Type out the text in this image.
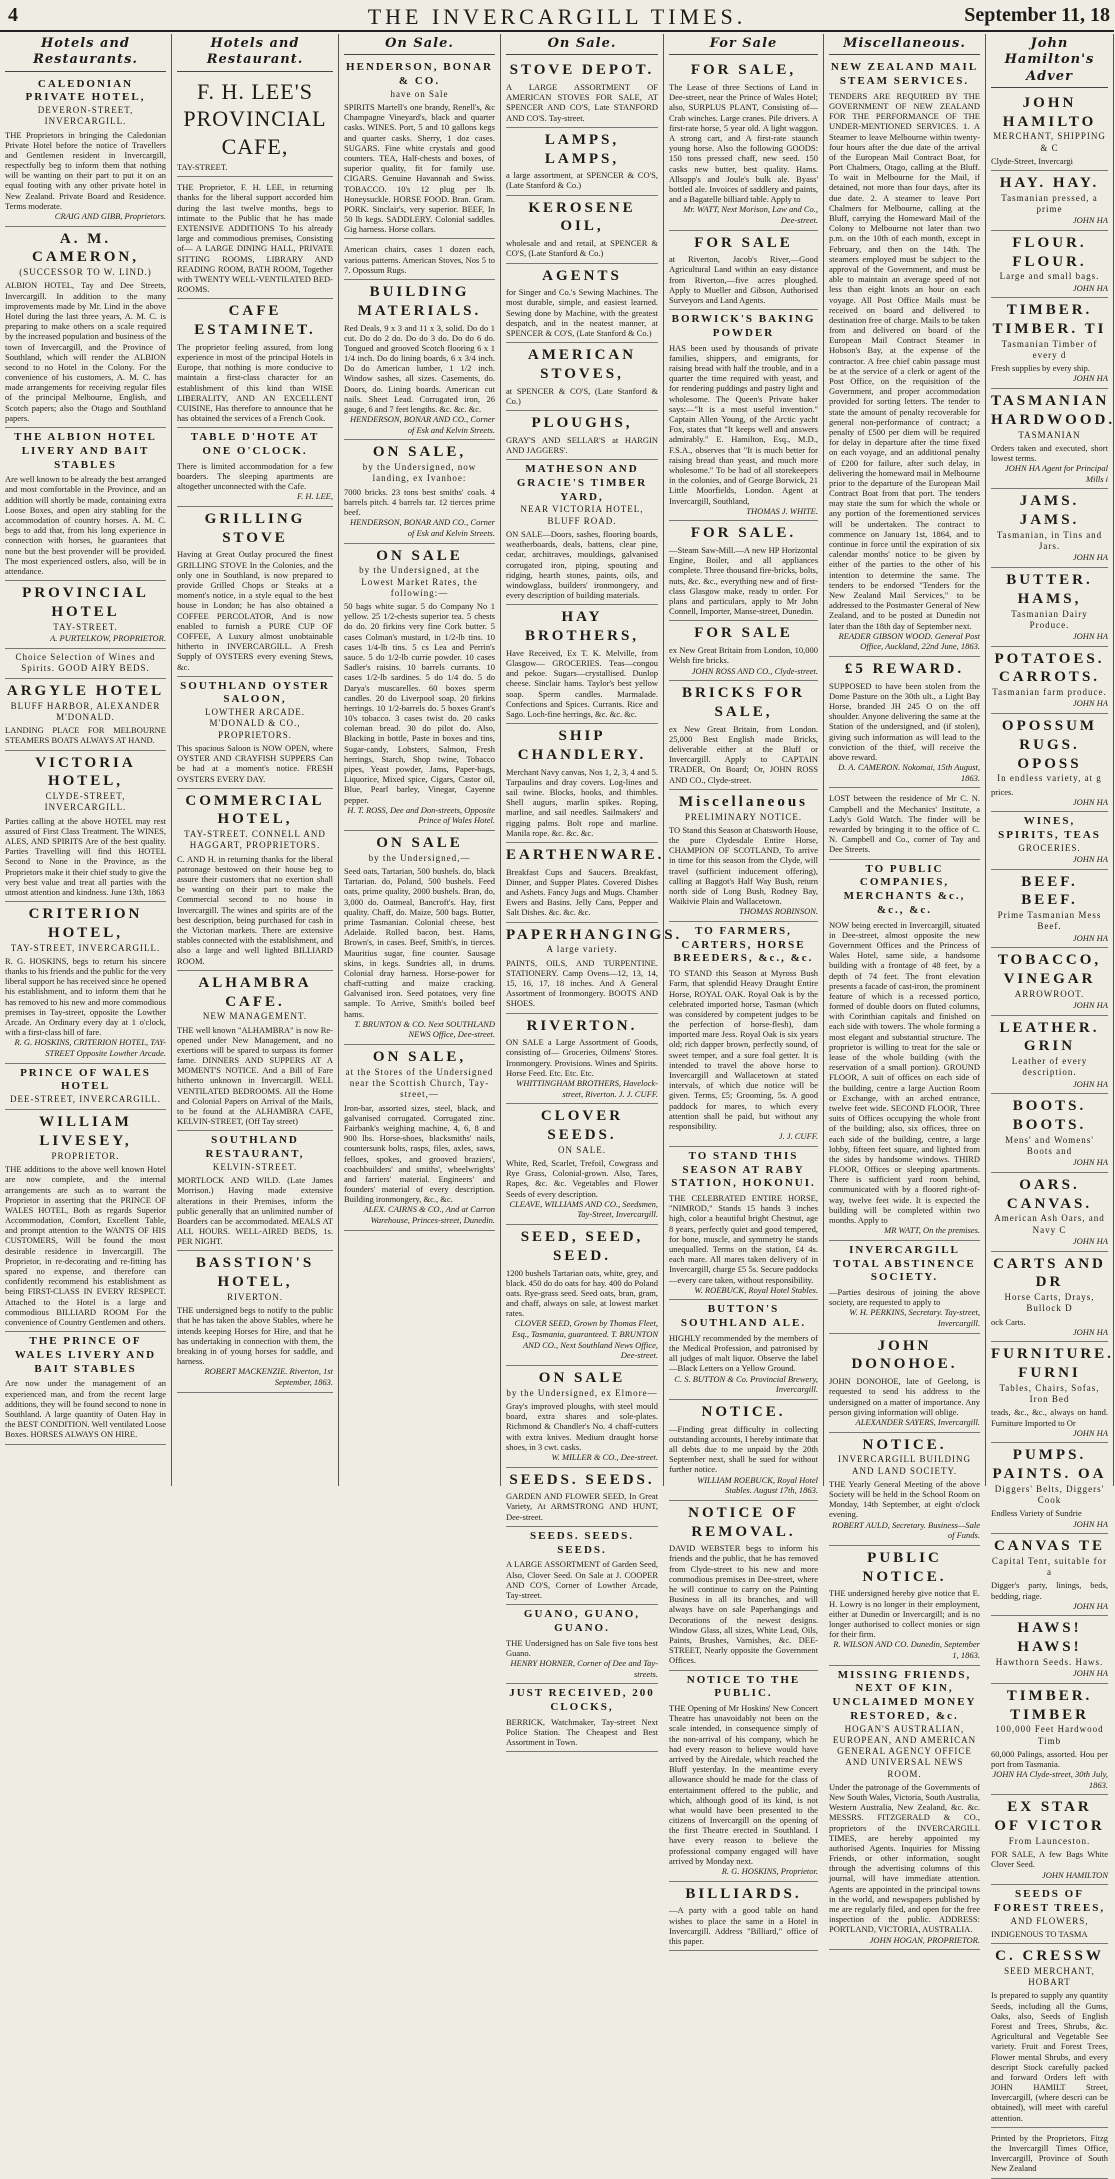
4	THE INVERCARGILL TIMES.	September 11, 18
Hotels and Restaurants.
CALEDONIAN PRIVATE HOTEL,
DEVERON-STREET, INVERCARGILL.
THE Proprietors in bringing the Caledonian Private Hotel before the notice of Travellers and Gentlemen resident in Invercargill, respectfully beg to inform them that nothing will be wanting on their part to put it on an equal footing with any other private hotel in New Zealand. Private Board and Residence. Terms moderate.
CRAIG AND GIBB, Proprietors.
A. M. CAMERON,
(SUCCESSOR TO W. LIND.)
ALBION HOTEL, Tay and Dee Streets, Invercargill. In addition to the many improvements made by Mr. Lind in the above Hotel during the last three years, A. M. C. is preparing to make others on a scale required by the increased population and business of the town of Invercargill, and the Province of Southland, which will render the ALBION second to no Hotel in the Colony. For the convenience of his customers, A. M. C. has made arrangements for receiving regular files of the principal Melbourne, English, and Scotch papers; also the Otago and Southland papers.
THE ALBION HOTEL LIVERY AND BAIT STABLES
Are well known to be already the best arranged and most comfortable in the Province, and an addition will shortly be made, containing extra Loose Boxes, and open airy stabling for the accommodation of country horses. A. M. C. begs to add that, from his long experience in connection with horses, he guarantees that none but the best provender will be provided. The most experienced ostlers, also, will be in attendance.
PROVINCIAL HOTEL
TAY-STREET.
A. PURTELKOW, PROPRIETOR.
Choice Selection of Wines and Spirits. GOOD AIRY BEDS.
ARGYLE HOTEL
BLUFF HARBOR, ALEXANDER M'DONALD.
LANDING PLACE FOR MELBOURNE STEAMERS BOATS ALWAYS AT HAND.
VICTORIA HOTEL,
CLYDE-STREET, INVERCARGILL.
Parties calling at the above HOTEL may rest assured of First Class Treatment. The WINES, ALES, AND SPIRITS Are of the best quality. Parties Travelling will find this HOTEL Second to None in the Province, as the Proprietors make it their chief study to give the very best value and treat all parties with the utmost attention and kindness. June 13th, 1863
CRITERION HOTEL,
TAY-STREET, INVERCARGILL.
R. G. HOSKINS, begs to return his sincere thanks to his friends and the public for the very liberal support he has received since he opened his establishment, and to inform them that he has removed to his new and more commodious premises in Tay-street, opposite the Lowther Arcade. An Ordinary every day at 1 o'clock, with a first-class bill of fare.
R. G. HOSKINS, CRITERION HOTEL, TAY-STREET Opposite Lowther Arcade.
PRINCE OF WALES HOTEL
DEE-STREET, INVERCARGILL.
WILLIAM LIVESEY,
PROPRIETOR.
THE additions to the above well known Hotel are now complete, and the internal arrangements are such as to warrant the Proprietor in asserting that the PRINCE OF WALES HOTEL, Both as regards Superior Accommodation, Comfort, Excellent Table, and prompt attention to the WANTS OF HIS CUSTOMERS, Will be found the most desirable residence in Invercargill. The Proprietor, in re-decorating and re-fitting has spared no expense, and therefore can confidently recommend his establishment as being FIRST-CLASS IN EVERY RESPECT. Attached to the Hotel is a large and commodious BILLIARD ROOM For the convenience of Country Gentlemen and others.
THE PRINCE OF WALES LIVERY AND BAIT STABLES
Are now under the management of an experienced man, and from the recent large additions, they will be found second to none in Southland. A large quantity of Oaten Hay in the BEST CONDITION. Well ventilated Loose Boxes. HORSES ALWAYS ON HIRE.
Hotels and Restaurant.
F. H. LEE'S
PROVINCIAL CAFE,
TAY-STREET.
THE Proprietor, F. H. LEE, in returning thanks for the liberal support accorded him during the last twelve months, begs to intimate to the Public that he has made EXTENSIVE ADDITIONS To his already large and commodious premises, Consisting of— A LARGE DINING HALL, PRIVATE SITTING ROOMS, LIBRARY AND READING ROOM, BATH ROOM, Together with TWENTY WELL-VENTILATED BED-ROOMS.
CAFE ESTAMINET.
The proprietor feeling assured, from long experience in most of the principal Hotels in Europe, that nothing is more conducive to maintain a first-class character for an establishment of this kind than WISE LIBERALITY, AND AN EXCELLENT CUISINE, Has therefore to announce that he has obtained the services of a French Cook.
TABLE D'HOTE AT ONE O'CLOCK.
There is limited accommodation for a few boarders. The sleeping apartments are altogether unconnected with the Cafe.
F. H. LEE,
GRILLING STOVE
Having at Great Outlay procured the finest GRILLING STOVE In the Colonies, and the only one in Southland, is now prepared to provide Grilled Chops or Steaks at a moment's notice, in a style equal to the best house in London; he has also obtained a COFFEE PERCOLATOR, And is now enabled to furnish a PURE CUP OF COFFEE, A Luxury almost unobtainable hitherto in INVERCARGILL. A Fresh Supply of OYSTERS every evening Stews, &c.
SOUTHLAND OYSTER SALOON,
LOWTHER ARCADE. M'DONALD & CO., PROPRIETORS.
This spacious Saloon is NOW OPEN, where OYSTER AND CRAYFISH SUPPERS Can be had at a moment's notice. FRESH OYSTERS EVERY DAY.
COMMERCIAL HOTEL,
TAY-STREET. CONNELL AND HAGGART, PROPRIETORS.
C. AND H. in returning thanks for the liberal patronage bestowed on their house beg to assure their customers that no exertion shall be wanting on their part to make the Commercial second to no house in Invercargill. The wines and spirits are of the best description, being purchased for cash in the Victorian markets. There are extensive stables connected with the establishment, and also a large and well lighted BILLIARD ROOM.
ALHAMBRA CAFE.
NEW MANAGEMENT.
THE well known "ALHAMBRA" is now Re-opened under New Management, and no exertions will be spared to surpass its former fame. DINNERS AND SUPPERS AT A MOMENT'S NOTICE. And a Bill of Fare hitherto unknown in Invercargill. WELL VENTILATED BEDROOMS. All the Home and Colonial Papers on Arrival of the Mails, to be found at the ALHAMBRA CAFE, KELVIN-STREET, (Off Tay street)
SOUTHLAND RESTAURANT,
KELVIN-STREET.
MORTLOCK AND WILD. (Late James Morrison.) Having made extensive alterations in their Premises, inform the public generally that an unlimited number of Boarders can be accommodated. MEALS AT ALL HOURS. WELL-AIRED BEDS, 1s. PER NIGHT.
BASSTION'S HOTEL,
RIVERTON.
THE undersigned begs to notify to the public that he has taken the above Stables, where he intends keeping Horses for Hire, and that he has undertaking in connection with them, the breaking in of young horses for saddle, and harness.
ROBERT MACKENZIE. Riverton, 1st September, 1863.
On Sale.
HENDERSON, BONAR & CO.
have on Sale
SPIRITS Martell's one brandy, Renell's, &c Champagne Vineyard's, black and quarter casks. WINES. Port, 5 and 10 gallons kegs and quarter casks. Sherry, 1 doz cases. SUGARS. Fine white crystals and good counters. TEA, Half-chests and boxes, of superior quality, fit for family use. CIGARS. Genuine Havannah and Swiss. TOBACCO. 10's 12 plug per lb. Honeysuckle. HORSE FOOD. Bran. Gram. PORK. Sinclair's, very superior. BEEF, In 50 lb kegs. SADDLERY. Colonial saddles. Gig harness. Horse collars.
American chairs, cases 1 dozen each, various patterns. American Stoves, Nos 5 to 7. Opossum Rugs.
BUILDING MATERIALS.
Red Deals, 9 x 3 and 11 x 3, solid. Do do 1 cut. Do do 2 do. Do do 3 do. Do do 6 do. Tongued and grooved Scotch flooring 6 x 1 1/4 inch. Do do lining boards, 6 x 3/4 inch. Do do American lumber, 1 1/2 inch. Window sashes, all sizes. Casements, do. Doors, do. Lining boards. American cut nails. Sheet Lead. Corrugated iron, 26 gauge, 6 and 7 feet lengths. &c. &c. &c.
HENDERSON, BONAR AND CO., Corner of Esk and Kelvin Streets.
ON SALE,
by the Undersigned, now landing, ex Ivanhoe:
7000 bricks. 23 tons best smiths' coals. 4 barrels pitch. 4 barrels tar. 12 tierces prime beef.
HENDERSON, BONAR AND CO., Corner of Esk and Kelvin Streets.
ON SALE
by the Undersigned, at the Lowest Market Rates, the following:—
50 bags white sugar. 5 do Company No 1 yellow. 25 1/2-chests superior tea. 5 chests do do. 20 firkins very fine Cork butter. 5 cases Colman's mustard, in 1/2-lb tins. 10 cases 1/4-lb tins. 5 cs Lea and Perrin's sauce. 5 do 1/2-lb currie powder. 10 cases Sadler's raisins. 10 barrels currants. 10 cases 1/2-lb sardines. 5 do 1/4 do. 5 do Darya's muscarelles. 60 boxes sperm candles. 20 do Liverpool soap. 20 firkins herrings. 10 1/2-barrels do. 5 boxes Grant's 10's tobacco. 3 cases twist do. 20 casks coleman bread. 30 do pilot do. Also, Blacking in bottle, Paste in boxes and tins, Sugar-candy, Lobsters, Salmon, Fresh herrings, Starch, Shop twine, Tobacco pipes, Yeast powder, Jams, Paper-bags, Liquorice, Mixed spice, Cigars, Castor oil, Blue, Pearl barley, Vinegar, Cayenne pepper.
H. T. ROSS, Dee and Don-streets, Opposite Prince of Wales Hotel.
ON SALE
by the Undersigned,—
Seed oats, Tartarian, 500 bushels. do, black Tartarian. do, Poland, 500 bushels. Feed oats, prime quality, 2000 bushels. Bran, do, 3,000 do. Oatmeal, Bancroft's. Hay, first quality. Chaff, do. Maize, 500 bags. Butter, prime Tasmanian. Colonial cheese, best Adelaide. Rolled bacon, best. Hams, Brown's, in cases. Beef, Smith's, in tierces. Mauritius sugar, fine counter. Sausage skins, in kegs. Sundries all, in drums. Colonial dray harness. Horse-power for chaff-cutting and maize cracking. Galvanised iron. Seed potatoes, very fine sample. To Arrive, Smith's boiled beef hams.
T. BRUNTON & CO. Next SOUTHLAND NEWS Office, Dee-street.
ON SALE,
at the Stores of the Undersigned near the Scottish Church, Tay-street,—
Iron-bar, assorted sizes, steel, black, and galvanised corrugated. Corrugated zinc. Fairbank's weighing machine, 4, 6, 8 and 900 lbs. Horse-shoes, blacksmiths' nails, countersunk bolts, rasps, files, axles, saws, felloes, spokes, and grooved braziers', coachbuilders' and smiths', wheelwrights' and farriers' material. Engineers' and founders' material of every description. Building ironmongery, &c., &c.
ALEX. CAIRNS & CO., And at Carron Warehouse, Princes-street, Dunedin.
On Sale.
STOVE DEPOT.
A LARGE ASSORTMENT OF AMERICAN STOVES FOR SALE, AT SPENCER AND CO'S, Late STANFORD AND CO'S. Tay-street.
LAMPS, LAMPS,
a large assortment, at SPENCER & CO'S, (Late Stanford & Co.)
KEROSENE OIL,
wholesale and and retail, at SPENCER & CO'S, (Late Stanford & Co.)
AGENTS
for Singer and Co.'s Sewing Machines. The most durable, simple, and easiest learned. Sewing done by Machine, with the greatest despatch, and in the neatest manner, at SPENCER & CO'S, (Late Stanford & Co.)
AMERICAN STOVES,
at SPENCER & CO'S, (Late Stanford & Co.)
PLOUGHS,
GRAY'S AND SELLAR'S at HARGIN AND JAGGERS'.
MATHESON AND GRACIE'S TIMBER YARD,
NEAR VICTORIA HOTEL, BLUFF ROAD.
ON SALE—Doors, sashes, flooring boards, weatherboards, deals, battens, clear pine, cedar, architraves, mouldings, galvanised corrugated iron, piping, spouting and ridging, hearth stones, paints, oils, and windowglass, builders' ironmongery, and every description of building materials.
HAY BROTHERS,
Have Received, Ex T. K. Melville, from Glasgow— GROCERIES. Teas—congou and pekoe. Sugars—crystallised. Dunlop cheese. Sinclair hams. Taylor's best yellow soap. Sperm candles. Marmalade. Confections and Spices. Currants. Rice and Sago. Loch-fine herrings, &c. &c. &c.
SHIP CHANDLERY.
Merchant Navy canvas, Nos 1, 2, 3, 4 and 5. Tarpaulins and dray covers. Log-lines and sail twine. Blocks, hooks, and thimbles. Shell augurs, marlin spikes. Roping, marline, and sail needles. Sailmakers' and rigging palms. Bolt rope and marline. Manila rope. &c. &c. &c.
EARTHENWARE.
Breakfast Cups and Saucers. Breakfast, Dinner, and Supper Plates. Covered Dishes and Ashets. Fancy Jugs and Mugs. Chamber Ewers and Basins. Jelly Cans, Pepper and Salt Dishes. &c. &c. &c.
PAPERHANGINGS.
A large variety.
PAINTS, OILS, AND TURPENTINE. STATIONERY. Camp Ovens—12, 13, 14, 15, 16, 17, 18 inches. And A General Assortment of Ironmongery. BOOTS AND SHOES.
RIVERTON.
ON SALE a Large Assortment of Goods, consisting of— Groceries, Oilmens' Stores. Ironmongery. Provisions. Wines and Spirits. Horse Feed. Etc. Etc. Etc.
WHITTINGHAM BROTHERS, Havelock-street, Riverton. J. J. CUFF.
CLOVER SEEDS.
ON SALE.
White, Red, Scarlet, Trefoil, Cowgrass and Rye Grass, Colonial-grown. Also, Tares, Rapes, &c. &c. Vegetables and Flower Seeds of every description.
CLEAVE, WILLIAMS AND CO., Seedsmen, Tay-Street, Invercargill.
SEED, SEED, SEED.
1200 bushels Tartarian oats, white, grey, and black. 450 do do oats for hay. 400 do Poland oats. Rye-grass seed. Seed oats, bran, gram, and chaff, always on sale, at lowest market rates.
CLOVER SEED, Grown by Thomas Fleet, Esq., Tasmania, guaranteed. T. BRUNTON AND CO., Next Southland News Office, Dee-street.
ON SALE
by the Undersigned, ex Elmore—
Gray's improved ploughs, with steel mould board, extra shares and sole-plates. Richmond & Chandler's No. 4 chaff-cutters with extra knives. Medium draught horse shoes, in 3 cwt. casks.
W. MILLER & CO., Dee-street.
SEEDS. SEEDS.
GARDEN AND FLOWER SEED, In Great Variety, At ARMSTRONG AND HUNT, Dee-street.
SEEDS. SEEDS. SEEDS.
A LARGE ASSORTMENT of Garden Seed, Also, Clover Seed. On Sale at J. COOPER AND CO'S, Corner of Lowther Arcade, Tay-street.
GUANO, GUANO, GUANO.
THE Undersigned has on Sale five tons best Guano.
HENRY HORNER, Corner of Dee and Tay-streets.
JUST RECEIVED, 200 CLOCKS,
BERRICK, Watchmaker, Tay-street Next Police Station. The Cheapest and Best Assortment in Town.
For Sale
FOR SALE,
The Lease of three Sections of Land in Dee-street, near the Prince of Wales Hotel; also, SURPLUS PLANT, Consisting of— Crab winches. Large cranes. Pile drivers. A first-rate horse, 5 year old. A light waggon. A strong cart, and A first-rate staunch young horse. Also the following GOODS: 150 tons pressed chaff, new seed. 150 casks new butter, best quality. Hams. Allsopp's and Joule's bulk ale. Byass' bottled ale. Invoices of saddlery and paints, and a Bagatelle billiard table. Apply to
Mr. WATT, Next Morison, Law and Co., Dee-street.
FOR SALE
at Riverton, Jacob's River,—Good Agricultural Land within an easy distance from Riverton,—five acres ploughed. Apply to Mueller and Gibson, Authorised Surveyors and Land Agents.
BORWICK'S BAKING POWDER
HAS been used by thousands of private families, shippers, and emigrants, for raising bread with half the trouble, and in a quarter the time required with yeast, and for rendering puddings and pastry light and wholesome. The Queen's Private baker says:—"It is a most useful invention." Captain Allen Young, of the Arctic yacht Fox, states that "It keeps well and answers admirably." E. Hamilton, Esq., M.D., F.S.A., observes that "It is much better for raising bread than yeast, and much more wholesome." To be had of all storekeepers in the colonies, and of George Borwick, 21 Little Moorfields, London. Agent at Invercargill, Southland,
THOMAS J. WHITE.
FOR SALE.
—Steam Saw-Mill.—A new HP Horizontal Engine, Boiler, and all appliances complete. Three thousand fire-bricks, bolts, nuts, &c. &c., everything new and of first-class Glasgow make, ready to order. For plans and particulars, apply to Mr John Connell, Importer, Manse-street, Dunedin.
FOR SALE
ex New Great Britain from London, 10,000 Welsh fire bricks.
JOHN ROSS AND CO., Clyde-street.
BRICKS FOR SALE,
ex New Great Britain, from London. 25,000 Best English made Bricks, deliverable either at the Bluff or Invercargill. Apply to CAPTAIN TRADER, On Board; Or, JOHN ROSS AND CO., Clyde-street.
Miscellaneous
PRELIMINARY NOTICE.
TO Stand this Season at Chatsworth House, the pure Clydesdale Entire Horse, CHAMPION OF SCOTLAND, To arrive in time for this season from the Clyde, will travel (sufficient inducement offering), calling at Baggot's Half Way Bush, return north side of Long Bush, Rodney Bay, Waikivie Plain and Wallacetown.
THOMAS ROBINSON.
TO FARMERS, CARTERS, HORSE BREEDERS, &c., &c.
TO STAND this Season at Myross Bush Farm, that splendid Heavy Draught Entire Horse, ROYAL OAK. Royal Oak is by the celebrated imported horse, Tasman (which was considered by competent judges to be the perfection of horse-flesh), dam imported mare Jess. Royal Oak is six years old; rich dapper brown, perfectly sound, of sweet temper, and a sure foal getter. It is intended to travel the above horse to Invercargill and Wallacetown at stated intervals, of which due notice will be given. Terms, £5; Grooming, 5s. A good paddock for mares, to which every attention shall be paid, but without any responsibility.
J. J. CUFF.
TO STAND THIS SEASON AT RABY STATION, HOKONUI.
THE CELEBRATED ENTIRE HORSE, "NIMROD," Stands 15 hands 3 inches high, color a beautiful bright Chestnut, age 8 years, perfectly quiet and good tempered, for bone, muscle, and symmetry he stands unequalled. Terms on the station, £4 4s. each mare. All mares taken delivery of in Invercargill, charge £5 5s. Secure paddocks—every care taken, without responsibility.
W. ROEBUCK, Royal Hotel Stables.
BUTTON'S SOUTHLAND ALE.
HIGHLY recommended by the members of the Medical Profession, and patronised by all judges of malt liquor. Observe the label—Black Letters on a Yellow Ground.
C. S. BUTTON & Co. Provincial Brewery, Invercargill.
NOTICE.
—Finding great difficulty in collecting outstanding accounts, I hereby intimate that all debts due to me unpaid by the 20th September next, shall be sued for without further notice.
WILLIAM ROEBUCK, Royal Hotel Stables. August 17th, 1863.
NOTICE OF REMOVAL.
DAVID WEBSTER begs to inform his friends and the public, that he has removed from Clyde-street to his new and more commodious premises in Dee-street, where he will continue to carry on the Painting Business in all its branches, and will always have on sale Paperhangings and Decorations of the newest designs. Window Glass, all sizes, White Lead, Oils, Paints, Brushes, Varnishes, &c. DEE-STREET, Nearly opposite the Government Offices.
NOTICE TO THE PUBLIC.
THE Opening of Mr Hoskins' New Concert Theatre has unavoidably not been on the scale intended, in consequence simply of the non-arrival of his company, which he had every reason to believe would have arrived by the Airedale, which reached the Bluff yesterday. In the meantime every allowance should be made for the class of entertainment offered to the public, and which, although good of its kind, is not what would have been presented to the citizens of Invercargill on the opening of the first Theatre erected in Southland. I have every reason to believe the professional company engaged will have arrived by Monday next.
R. G. HOSKINS, Proprietor.
BILLIARDS.
—A party with a good table on hand wishes to place the same in a Hotel in Invercargill. Address "Billiard," office of this paper.
Miscellaneous.
NEW ZEALAND MAIL STEAM SERVICES.
TENDERS ARE REQUIRED BY THE GOVERNMENT OF NEW ZEALAND FOR THE PERFORMANCE OF THE UNDER-MENTIONED SERVICES. 1. A Steamer to leave Melbourne within twenty-four hours after the due date of the arrival of the European Mail Contract Boat, for Port Chalmers, Otago, calling at the Bluff. To wait in Melbourne for the Mail, if detained, not more than four days, after its due date. 2. A steamer to leave Port Chalmers for Melbourne, calling at the Bluff, carrying the Homeward Mail of the Colony to Melbourne not later than two p.m. on the 10th of each month, except in February, and then on the 14th. The steamers employed must be subject to the approval of the Government, and must be able to maintain an average speed of not less than eight knots an hour on each voyage. All Post Office Mails must be received on board and delivered to destination free of charge. Mails to be taken from and delivered on board of the European Mail Contract Steamer in Hobson's Bay, at the expense of the contractor. A free chief cabin passage must be at the service of a clerk or agent of the Post Office, on the requisition of the Government, and proper accommodation provided for sorting letters. The tender to state the amount of penalty recoverable for general non-performance of contract; a penalty of £500 per diem will be required for delay in departure after the time fixed on each voyage, and an additional penalty of £200 for failure, after such delay, in delivering the homeward mail in Melbourne prior to the departure of the European Mail Contract Boat from that port. The tenders may state the sum for which the whole or any portion of the forementioned services will be undertaken. The contract to commence on January 1st, 1864, and to continue in force until the expiration of six calendar months' notice to be given by either of the parties to the other of his intention to determine the same. The tenders to be endorsed "Tenders for the New Zealand Mail Services," to be addressed to the Postmaster General of New Zealand, and to be posted at Dunedin not later than the 18th day of September next.
READER GIBSON WOOD. General Post Office, Auckland, 22nd June, 1863.
£5 REWARD.
SUPPOSED to have been stolen from the Dome Pasture on the 30th ult., a Light Bay Horse, branded JH 245 O on the off shoulder. Anyone delivering the same at the Station of the undersigned, and (if stolen), giving such information as will lead to the conviction of the thief, will receive the above reward.
D. A. CAMERON. Nokomai, 15th August, 1863.
LOST between the residence of Mr C. N. Campbell and the Mechanics' Institute, a Lady's Gold Watch. The finder will be rewarded by bringing it to the office of C. N. Campbell and Co., corner of Tay and Dee Streets.
TO PUBLIC COMPANIES, MERCHANTS &c., &c., &c.
NOW being erected in Invercargill, situated in Dee-street, almost opposite the new Government Offices and the Princess of Wales Hotel, same side, a handsome building with a frontage of 48 feet, by a depth of 74 feet. The front elevation presents a facade of cast-iron, the prominent feature of which is a recessed portico, formed of double doors on fluted columns, with Corinthian capitals and finished on each side with towers. The whole forming a most elegant and substantial structure. The proprietor is willing to treat for the sale or lease of the whole building (with the reservation of a small portion). GROUND FLOOR, A suit of offices on each side of the building, centre a large Auction Room or Exchange, with an arched entrance, twelve feet wide. SECOND FLOOR, Three suits of Offices occupying the whole front of the building; also, six offices, three on each side of the building, centre, a large lobby, fifteen feet square, and lighted from the sides by handsome windows. THIRD FLOOR, Offices or sleeping apartments. There is sufficient yard room behind, communicated with by a floored right-of-way, twelve feet wide. It is expected the building will be completed within two months. Apply to
MR WATT, On the premises.
INVERCARGILL TOTAL ABSTINENCE SOCIETY.
—Parties desirous of joining the above society, are requested to apply to
W. H. PERKINS, Secretary. Tay-street, Invercargill.
JOHN DONOHOE.
JOHN DONOHOE, late of Geelong, is requested to send his address to the undersigned on a matter of importance. Any person giving information will oblige.
ALEXANDER SAYERS, Invercargill.
NOTICE.
INVERCARGILL BUILDING AND LAND SOCIETY.
THE Yearly General Meeting of the above Society will be held in the School Room on Monday, 14th September, at eight o'clock evening.
ROBERT AULD, Secretary. Business—Sale of Funds.
PUBLIC NOTICE.
THE undersigned hereby give notice that E. H. Lowry is no longer in their employment, either at Dunedin or Invercargill; and is no longer authorised to collect monies or sign for their firm.
R. WILSON AND CO. Dunedin, September 1, 1863.
MISSING FRIENDS, NEXT OF KIN, UNCLAIMED MONEY RESTORED, &c.
HOGAN'S AUSTRALIAN, EUROPEAN, AND AMERICAN GENERAL AGENCY OFFICE AND UNIVERSAL NEWS ROOM.
Under the patronage of the Governments of New South Wales, Victoria, South Australia, Western Australia, New Zealand, &c. &c. MESSRS. FITZGERALD & CO., proprietors of the INVERCARGILL TIMES, are hereby appointed my authorised Agents. Inquiries for Missing Friends, or other information, sought through the advertising columns of this journal, will have immediate attention. Agents are appointed in the principal towns in the world, and newspapers published by me are regularly filed, and open for the free inspection of the public. ADDRESS: PORTLAND, VICTORIA, AUSTRALIA.
JOHN HOGAN, PROPRIETOR.
John Hamilton's Adver
JOHN HAMILTO
MERCHANT, SHIPPING & C
Clyde-Street, Invercargi
HAY. HAY.
Tasmanian pressed, a prime
JOHN HA
FLOUR. FLOUR.
Large and small bags.
JOHN HA
TIMBER. TIMBER. TI
Tasmanian Timber of every d
Fresh supplies by every ship.
JOHN HA
TASMANIAN HARDWOOD.
TASMANIAN
Orders taken and executed, short lowest terms.
JOHN HA Agent for Principal Mills i
JAMS. JAMS.
Tasmanian, in Tins and Jars.
JOHN HA
BUTTER. HAMS,
Tasmanian Dairy Produce.
JOHN HA
POTATOES. CARROTS.
Tasmanian farm produce.
JOHN HA
OPOSSUM RUGS. OPOSS
In endless variety, at g
prices.
JOHN HA
WINES, SPIRITS, TEAS
GROCERIES.
JOHN HA
BEEF. BEEF.
Prime Tasmanian Mess Beef.
JOHN HA
TOBACCO, VINEGAR
ARROWROOT.
JOHN HA
LEATHER. GRIN
Leather of every description.
JOHN HA
BOOTS. BOOTS.
Mens' and Womens' Boots and
JOHN HA
OARS. CANVAS.
American Ash Oars, and Navy C
JOHN HA
CARTS AND DR
Horse Carts, Drays, Bullock D
ock Carts.
JOHN HA
FURNITURE. FURNI
Tables, Chairs, Sofas, Iron Bed
teads, &c., &c., always on hand. Furniture Imported to Or
JOHN HA
PUMPS. PAINTS. OA
Diggers' Belts, Diggers' Cook
Endless Variety of Sundrie
JOHN HA
CANVAS TE
Capital Tent, suitable for a
Digger's party, linings, beds, bedding, riage.
JOHN HA
HAWS! HAWS!
Hawthorn Seeds. Haws.
JOHN HA
TIMBER. TIMBER
100,000 Feet Hardwood Timb
60,000 Palings, assorted. Hou per port from Tasmania.
JOHN HA Clyde-street, 30th July, 1863.
EX STAR OF VICTOR
From Launceston.
FOR SALE, A few Bags White Clover Seed.
JOHN HAMILTON
SEEDS OF FOREST TREES,
AND FLOWERS,
INDIGENOUS TO TASMA
C. CRESSW
SEED MERCHANT, HOBART
Is prepared to supply any quantity Seeds, including all the Gums, Oaks, also, Seeds of English Forest and Trees, Shrubs, &c. Agricultural and Vegetable See variety. Fruit and Forest Trees, Flower mental Shrubs, and every descript Stock carefully packed and forward Orders left with JOHN HAMILT Street, Invercargill, (where descri can be obtained), will meet with careful attention.
Printed by the Proprietors, Fitzg the Invercargill Times Office, Invercargill, Province of South New Zealand
